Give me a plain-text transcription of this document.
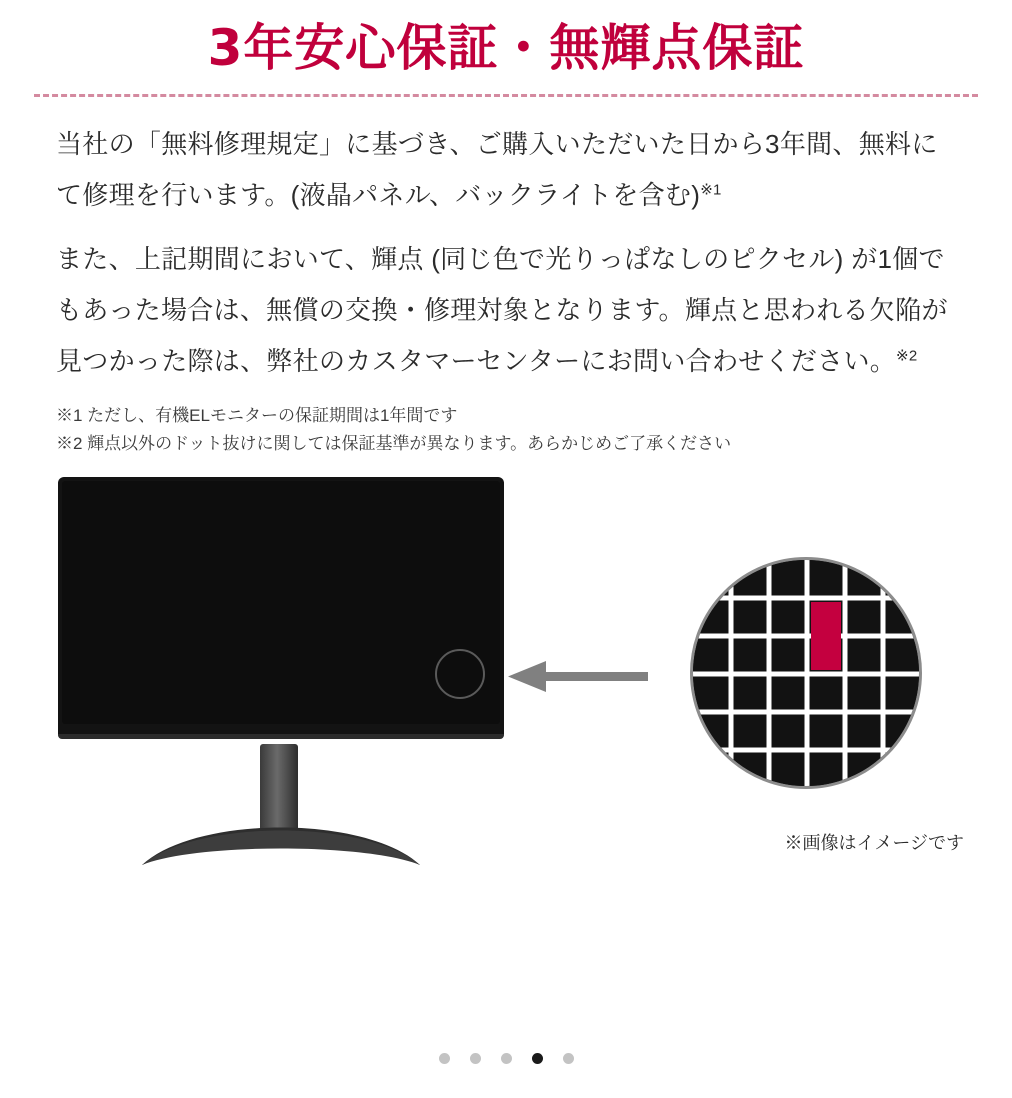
3年安心保証・無輝点保証

当社の「無料修理規定」に基づき、ご購入いただいた日から3年間、無料にて修理を行います。(液晶パネル、バックライトを含む)$^{※1}$

また、上記期間において、輝点 (同じ色で光りっぱなしのピクセル) が1個でもあった場合は、無償の交換・修理対象となります。輝点と思われる欠陥が見つかった際は、弊社のカスタマーセンターにお問い合わせください。$^{※2}$

※1 ただし、有機ELモニターの保証期間は1年間です
※2 輝点以外のドット抜けに関しては保証基準が異なります。あらかじめご了承ください
※画像はイメージです
